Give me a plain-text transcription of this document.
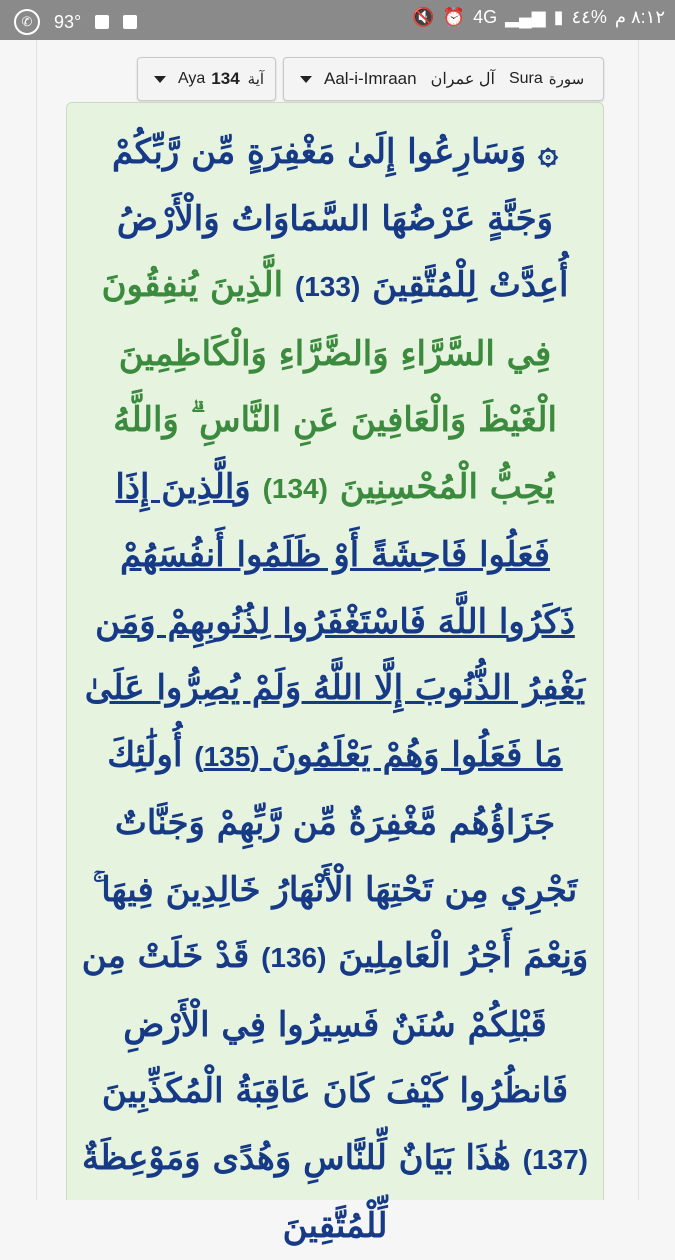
✆	93°	🔇 ⏰ 4G ▂▄▆ ▮ ٤٤% ٨:١٢ م
Aya 134 آية	Aal-i-Imraan آل عمران Sura سورة
۞ وَسَارِعُوا إِلَىٰ مَغْفِرَةٍ مِّن رَّبِّكُمْ وَجَنَّةٍ عَرْضُهَا السَّمَاوَاتُ وَالْأَرْضُ أُعِدَّتْ لِلْمُتَّقِينَ (133) الَّذِينَ يُنفِقُونَ فِي السَّرَّاءِ وَالضَّرَّاءِ وَالْكَاظِمِينَ الْغَيْظَ وَالْعَافِينَ عَنِ النَّاسِ ۗ وَاللَّهُ يُحِبُّ الْمُحْسِنِينَ (134) وَالَّذِينَ إِذَا فَعَلُوا فَاحِشَةً أَوْ ظَلَمُوا أَنفُسَهُمْ ذَكَرُوا اللَّهَ فَاسْتَغْفَرُوا لِذُنُوبِهِمْ وَمَن يَغْفِرُ الذُّنُوبَ إِلَّا اللَّهُ وَلَمْ يُصِرُّوا عَلَىٰ مَا فَعَلُوا وَهُمْ يَعْلَمُونَ (135) أُولَٰئِكَ جَزَاؤُهُم مَّغْفِرَةٌ مِّن رَّبِّهِمْ وَجَنَّاتٌ تَجْرِي مِن تَحْتِهَا الْأَنْهَارُ خَالِدِينَ فِيهَا ۚ وَنِعْمَ أَجْرُ الْعَامِلِينَ (136) قَدْ خَلَتْ مِن قَبْلِكُمْ سُنَنٌ فَسِيرُوا فِي الْأَرْضِ فَانظُرُوا كَيْفَ كَانَ عَاقِبَةُ الْمُكَذِّبِينَ (137) هَٰذَا بَيَانٌ لِّلنَّاسِ وَهُدًى وَمَوْعِظَةٌ لِّلْمُتَّقِينَ
